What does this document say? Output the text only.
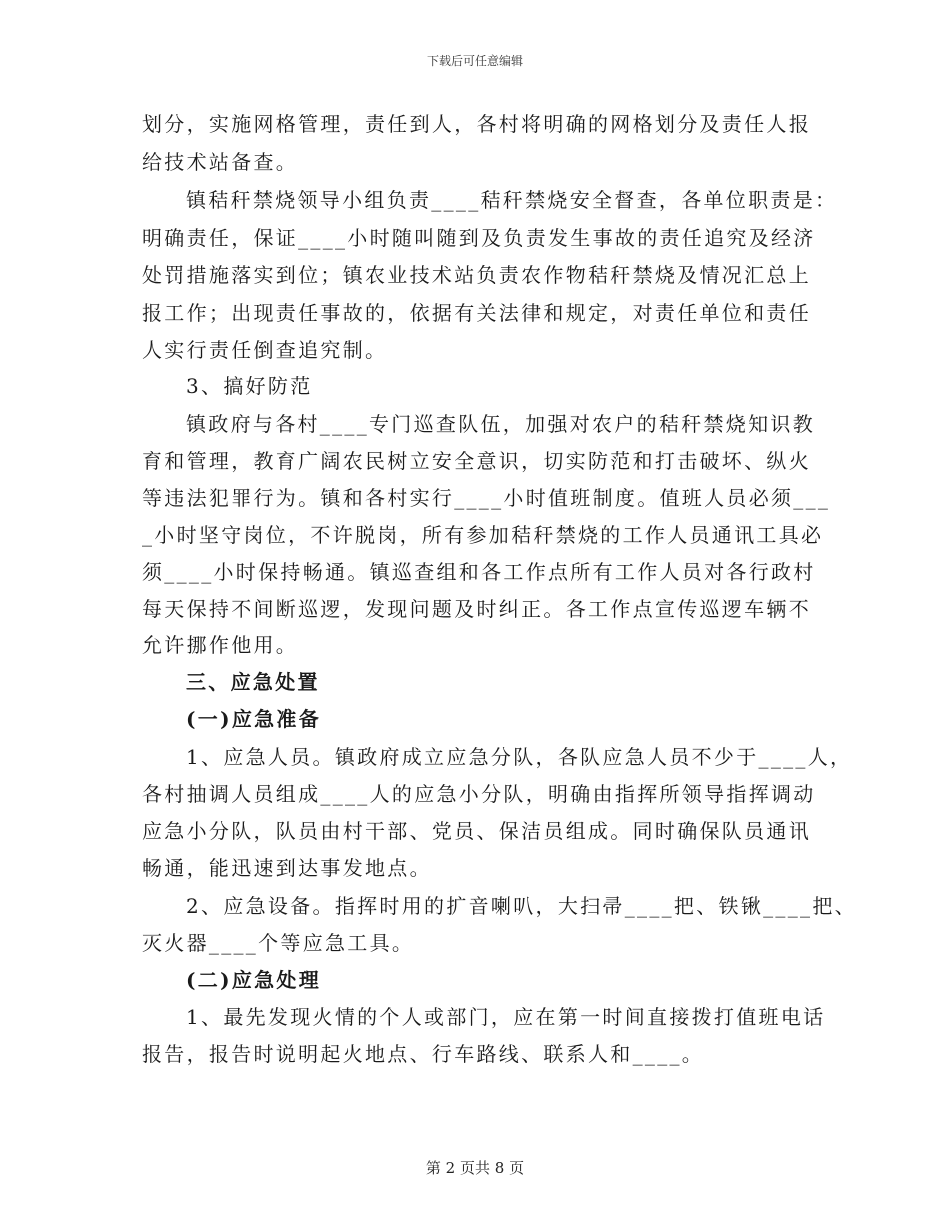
下载后可任意编辑
划分，实施网格管理，责任到人，各村将明确的网格划分及责任人报
给技术站备查。
镇秸秆禁烧领导小组负责____秸秆禁烧安全督查，各单位职责是：
明确责任，保证____小时随叫随到及负责发生事故的责任追究及经济
处罚措施落实到位；镇农业技术站负责农作物秸秆禁烧及情况汇总上
报工作；出现责任事故的，依据有关法律和规定，对责任单位和责任
人实行责任倒查追究制。
3、搞好防范
镇政府与各村____专门巡查队伍，加强对农户的秸秆禁烧知识教
育和管理，教育广阔农民树立安全意识，切实防范和打击破坏、纵火
等违法犯罪行为。镇和各村实行____小时值班制度。值班人员必须___
_小时坚守岗位，不许脱岗，所有参加秸秆禁烧的工作人员通讯工具必
须____小时保持畅通。镇巡查组和各工作点所有工作人员对各行政村
每天保持不间断巡逻，发现问题及时纠正。各工作点宣传巡逻车辆不
允许挪作他用。
三、应急处置
(一)应急准备
1、应急人员。镇政府成立应急分队，各队应急人员不少于____人，
各村抽调人员组成____人的应急小分队，明确由指挥所领导指挥调动
应急小分队，队员由村干部、党员、保洁员组成。同时确保队员通讯
畅通，能迅速到达事发地点。
2、应急设备。指挥时用的扩音喇叭，大扫帚____把、铁锹____把、
灭火器____个等应急工具。
(二)应急处理
1、最先发现火情的个人或部门，应在第一时间直接拨打值班电话
报告，报告时说明起火地点、行车路线、联系人和____。
第 2 页共 8 页
